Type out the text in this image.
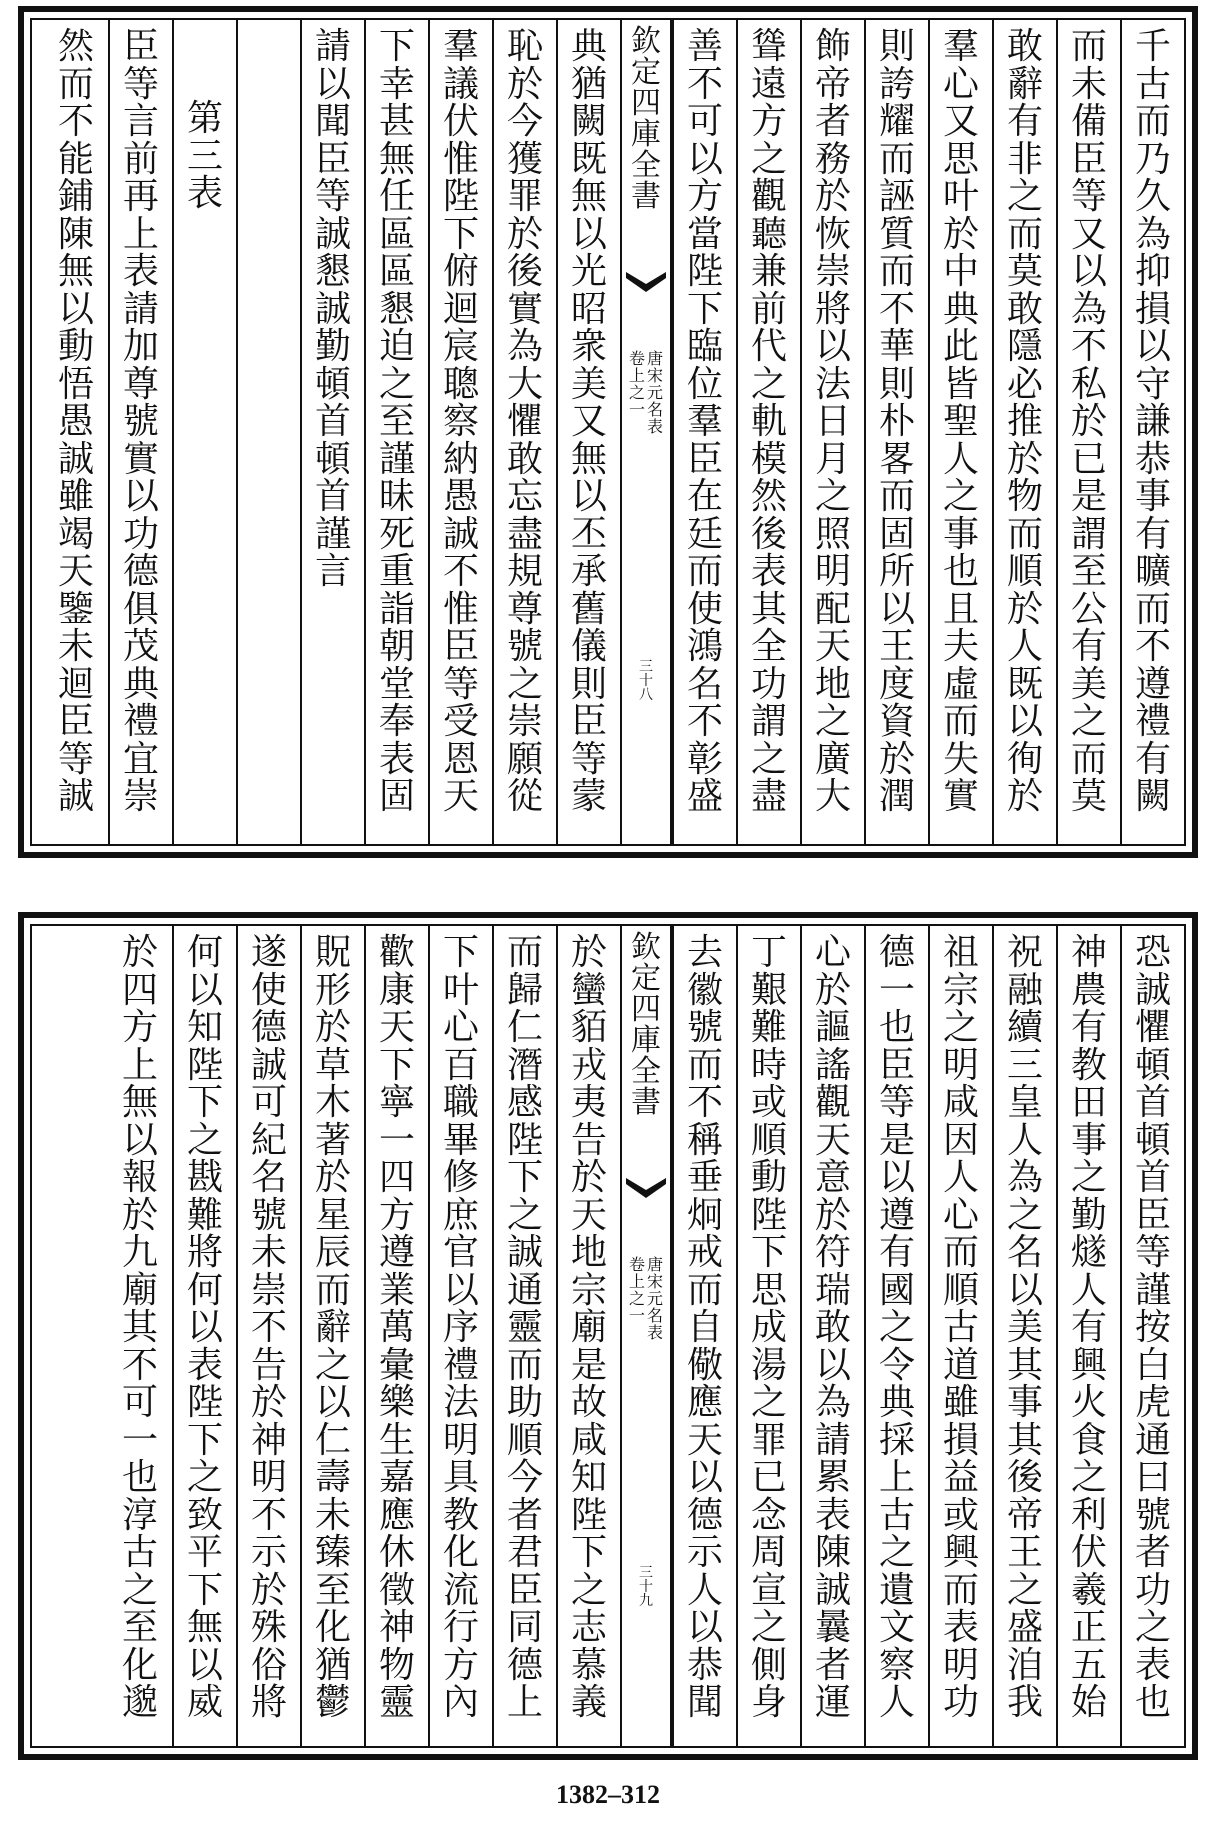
千
古
而
乃
久
為
抑
損
以
守
謙
恭
事
有
曠
而
不
遵
禮
有
闕
而
未
備
臣
等
又
以
為
不
私
於
已
是
謂
至
公
有
美
之
而
莫
敢
辭
有
非
之
而
莫
敢
隱
必
推
於
物
而
順
於
人
既
以
徇
於
羣
心
又
思
叶
於
中
典
此
皆
聖
人
之
事
也
且
夫
虛
而
失
實
則
誇
耀
而
誣
質
而
不
華
則
朴
畧
而
固
所
以
王
度
資
於
潤
飾
帝
者
務
於
恢
崇
將
以
法
日
月
之
照
明
配
天
地
之
廣
大
聳
遠
方
之
觀
聽
兼
前
代
之
軌
模
然
後
表
其
全
功
謂
之
盡
善
不
可
以
方
當
陛
下
臨
位
羣
臣
在
廷
而
使
鴻
名
不
彰
盛
欽
定
四
庫
全
書
唐
宋
元
名
表
卷
上
之
一
三
十
八
典
猶
闕
既
無
以
光
昭
衆
美
又
無
以
丕
承
舊
儀
則
臣
等
蒙
恥
於
今
獲
罪
於
後
實
為
大
懼
敢
忘
盡
規
尊
號
之
崇
願
從
羣
議
伏
惟
陛
下
俯
迴
宸
聰
察
納
愚
誠
不
惟
臣
等
受
恩
天
下
幸
甚
無
任
區
區
懇
迫
之
至
謹
昧
死
重
詣
朝
堂
奉
表
固
請
以
聞
臣
等
誠
懇
誠
勤
頓
首
頓
首
謹
言
第
三
表
臣
等
言
前
再
上
表
請
加
尊
號
實
以
功
德
俱
茂
典
禮
宜
崇
然
而
不
能
鋪
陳
無
以
動
悟
愚
誠
雖
竭
天
鑒
未
迴
臣
等
誠
恐
誠
懼
頓
首
頓
首
臣
等
謹
按
白
虎
通
曰
號
者
功
之
表
也
神
農
有
教
田
事
之
勤
燧
人
有
興
火
食
之
利
伏
羲
正
五
始
祝
融
續
三
皇
人
為
之
名
以
美
其
事
其
後
帝
王
之
盛
洎
我
祖
宗
之
明
咸
因
人
心
而
順
古
道
雖
損
益
或
興
而
表
明
功
德
一
也
臣
等
是
以
遵
有
國
之
令
典
採
上
古
之
遺
文
察
人
心
於
謳
謠
觀
天
意
於
符
瑞
敢
以
為
請
累
表
陳
誠
曩
者
運
丁
艱
難
時
或
順
動
陛
下
思
成
湯
之
罪
已
念
周
宣
之
側
身
去
徽
號
而
不
稱
垂
炯
戒
而
自
儆
應
天
以
德
示
人
以
恭
聞
欽
定
四
庫
全
書
唐
宋
元
名
表
卷
上
之
一
三
十
九
於
蠻
貊
戎
夷
告
於
天
地
宗
廟
是
故
咸
知
陛
下
之
志
慕
義
而
歸
仁
潛
感
陛
下
之
誠
通
靈
而
助
順
今
者
君
臣
同
德
上
下
叶
心
百
職
畢
修
庶
官
以
序
禮
法
明
具
教
化
流
行
方
內
歡
康
天
下
寧
一
四
方
遵
業
萬
彙
樂
生
嘉
應
休
徵
神
物
靈
貺
形
於
草
木
著
於
星
辰
而
辭
之
以
仁
壽
未
臻
至
化
猶
鬱
遂
使
德
誠
可
紀
名
號
未
崇
不
告
於
神
明
不
示
於
殊
俗
將
何
以
知
陛
下
之
戡
難
將
何
以
表
陛
下
之
致
平
下
無
以
威
於
四
方
上
無
以
報
於
九
廟
其
不
可
一
也
淳
古
之
至
化
邈
1382–312
